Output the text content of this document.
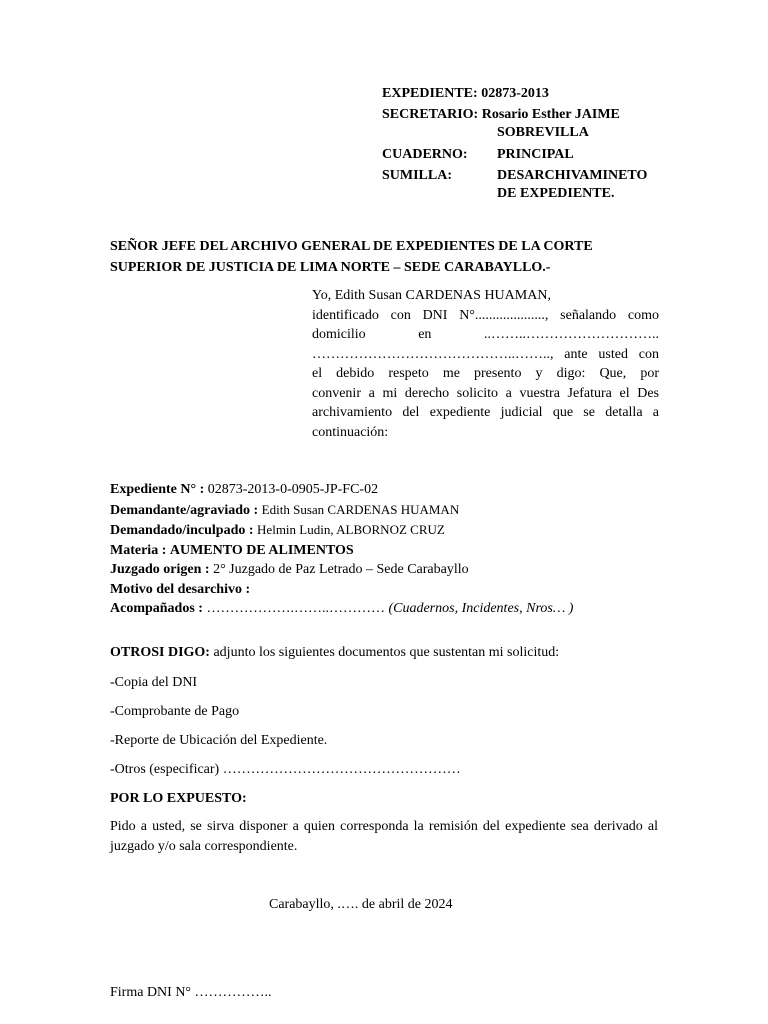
EXPEDIENTE: 02873-2013
SECRETARIO: Rosario Esther JAIME
SOBREVILLA
CUADERNO: PRINCIPAL
SUMILLA:	DESARCHIVAMINETO
DE EXPEDIENTE.
SEÑOR JEFE DEL ARCHIVO GENERAL DE EXPEDIENTES DE LA CORTE
SUPERIOR DE JUSTICIA DE LIMA NORTE – SEDE CARABAYLLO.-
Yo, Edith Susan CARDENAS HUAMAN,
identificado con DNI N°...................., señalando como
domicilio en ..……..………………………..
……………………………………..…….., ante usted con
el debido respeto me presento y digo: Que, por
convenir a mi derecho solicito a vuestra Jefatura el Des
archivamiento del expediente judicial que se detalla a
continuación:
Expediente N° : 02873-2013-0-0905-JP-FC-02
Demandante/agraviado : Edith Susan CARDENAS HUAMAN
Demandado/inculpado : Helmin Ludin, ALBORNOZ CRUZ
Materia : AUMENTO DE ALIMENTOS
Juzgado origen : 2° Juzgado de Paz Letrado – Sede Carabayllo
Motivo del desarchivo :
Acompañados : ……………….……..………… (Cuadernos, Incidentes, Nros… )
OTROSI DIGO: adjunto los siguientes documentos que sustentan mi solicitud:
-Copia del DNI
-Comprobante de Pago
-Reporte de Ubicación del Expediente.
-Otros (especificar) ……………………………………………
POR LO EXPUESTO:
Pido a usted, se sirva disponer a quien corresponda la remisión del expediente sea derivado al juzgado y/o sala correspondiente.
Carabayllo, .…. de abril de 2024
Firma DNI N° ……………..
